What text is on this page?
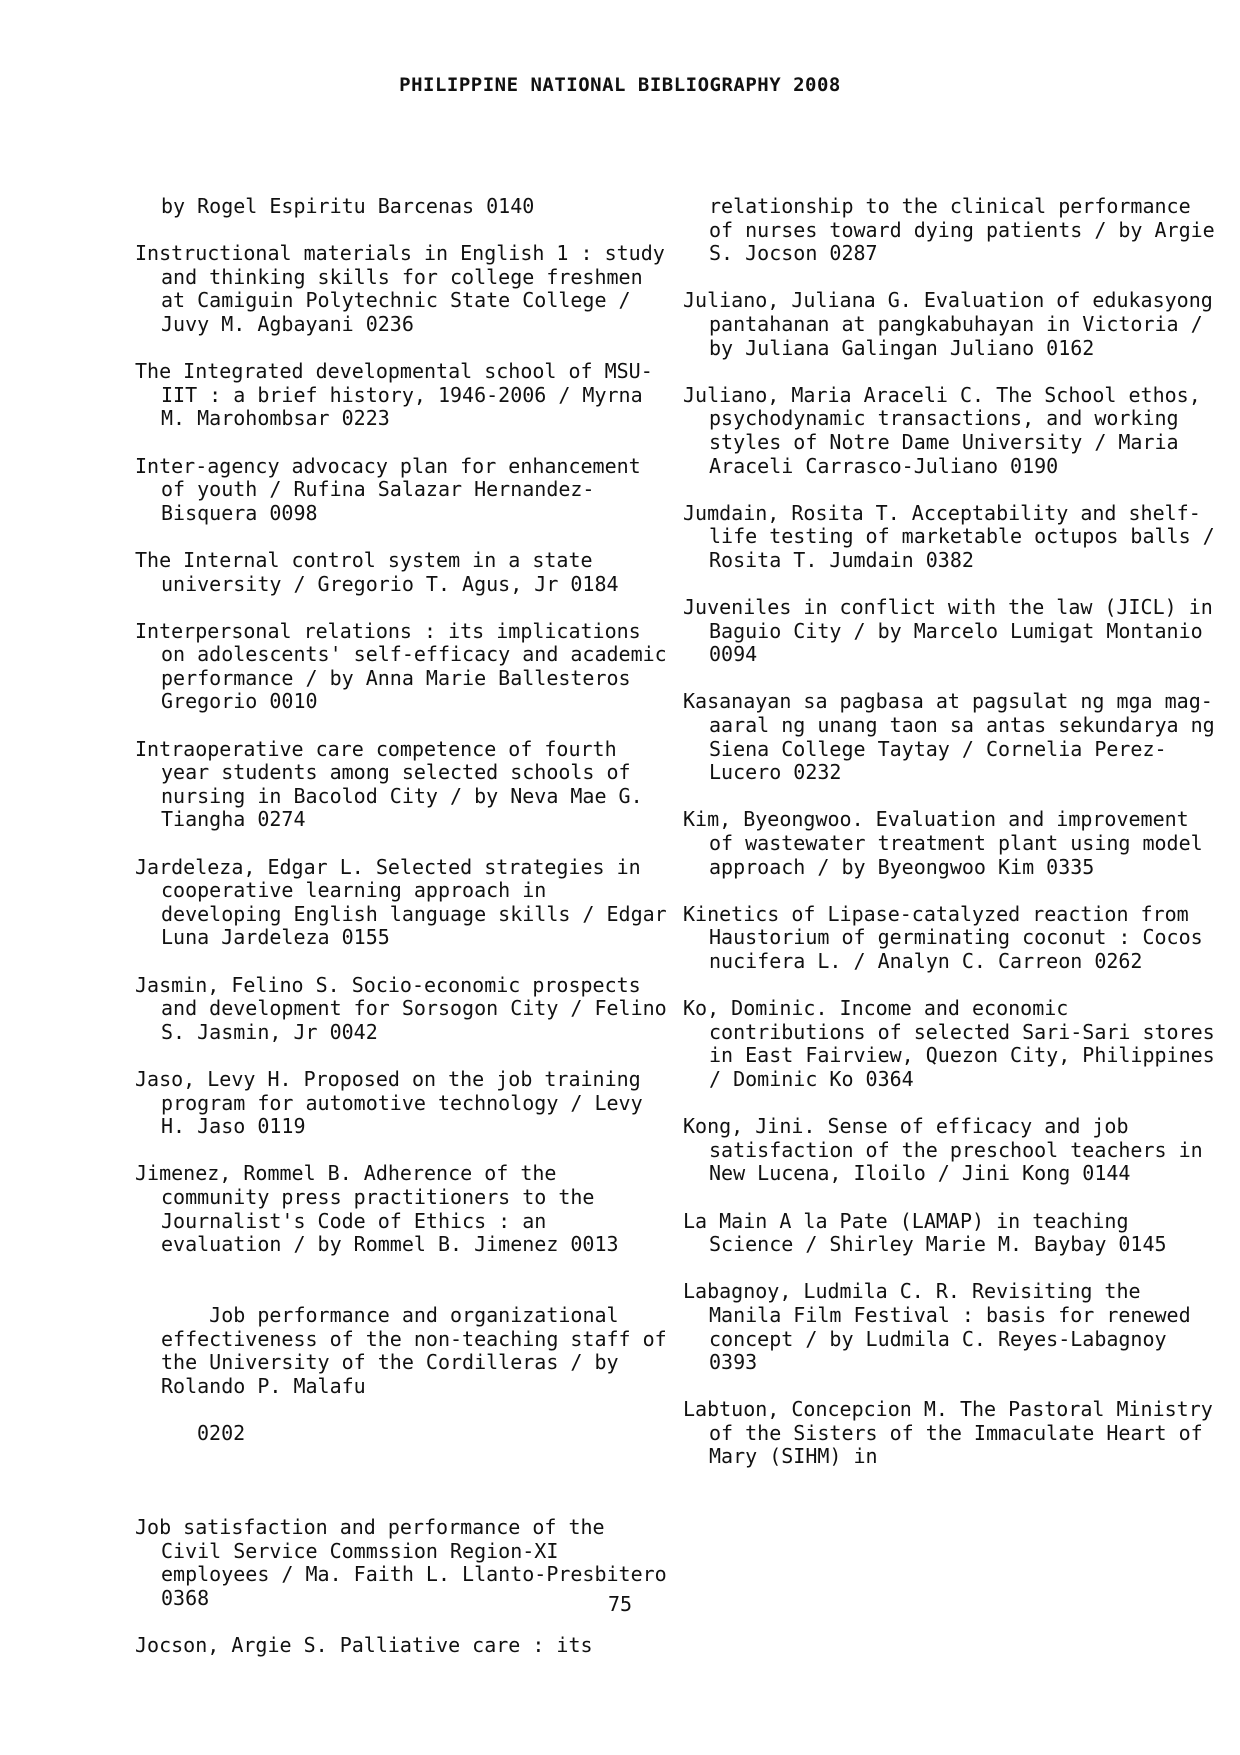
PHILIPPINE NATIONAL BIBLIOGRAPHY 2008
by Rogel Espiritu Barcenas 0140
Instructional materials in English 1 : study and thinking skills for college freshmen at Camiguin Polytechnic State College / Juvy M. Agbayani 0236
The Integrated developmental school of MSU-IIT : a brief history, 1946-2006 / Myrna M. Marohombsar 0223
Inter-agency advocacy plan for enhancement of youth / Rufina Salazar Hernandez-Bisquera 0098
The Internal control system in a state university / Gregorio T. Agus, Jr 0184
Interpersonal relations : its implications on adolescents' self-efficacy and academic performance / by Anna Marie Ballesteros Gregorio 0010
Intraoperative care competence of fourth year students among selected schools of nursing in Bacolod City / by Neva Mae G. Tiangha 0274
Jardeleza, Edgar L. Selected strategies in cooperative learning approach in developing English language skills / Edgar Luna Jardeleza 0155
Jasmin, Felino S. Socio-economic prospects and development for Sorsogon City / Felino S. Jasmin, Jr 0042
Jaso, Levy H. Proposed on the job training program for automotive technology / Levy H. Jaso 0119
Jimenez, Rommel B. Adherence of the community press practitioners to the Journalist's Code of Ethics : an evaluation / by Rommel B. Jimenez 0013

Job performance and organizational effectiveness of the non-teaching staff of the University of the Cordilleras / by Rolando P. Malafu

0202

Job satisfaction and performance of the Civil Service Commssion Region-XI employees / Ma. Faith L. Llanto-Presbitero 0368
Jocson, Argie S. Palliative care : its
relationship to the clinical performance of nurses toward dying patients / by Argie S. Jocson 0287
Juliano, Juliana G. Evaluation of edukasyong pantahanan at pangkabuhayan in Victoria / by Juliana Galingan Juliano 0162
Juliano, Maria Araceli C. The School ethos, psychodynamic transactions, and working styles of Notre Dame University / Maria Araceli Carrasco-Juliano 0190
Jumdain, Rosita T. Acceptability and shelf-life testing of marketable octupos balls / Rosita T. Jumdain 0382
Juveniles in conflict with the law (JICL) in Baguio City / by Marcelo Lumigat Montanio 0094
Kasanayan sa pagbasa at pagsulat ng mga mag-aaral ng unang taon sa antas sekundarya ng Siena College Taytay / Cornelia Perez-Lucero 0232
Kim, Byeongwoo. Evaluation and improvement of wastewater treatment plant using model approach / by Byeongwoo Kim 0335
Kinetics of Lipase-catalyzed reaction from Haustorium of germinating coconut : Cocos nucifera L. / Analyn C. Carreon 0262
Ko, Dominic. Income and economic contributions of selected Sari-Sari stores in East Fairview, Quezon City, Philippines / Dominic Ko 0364
Kong, Jini. Sense of efficacy and job satisfaction of the preschool teachers in New Lucena, Iloilo / Jini Kong 0144
La Main A la Pate (LAMAP) in teaching Science / Shirley Marie M. Baybay 0145
Labagnoy, Ludmila C. R. Revisiting the Manila Film Festival : basis for renewed concept / by Ludmila C. Reyes-Labagnoy 0393
Labtuon, Concepcion M. The Pastoral Ministry of the Sisters of the Immaculate Heart of Mary (SIHM) in
75
